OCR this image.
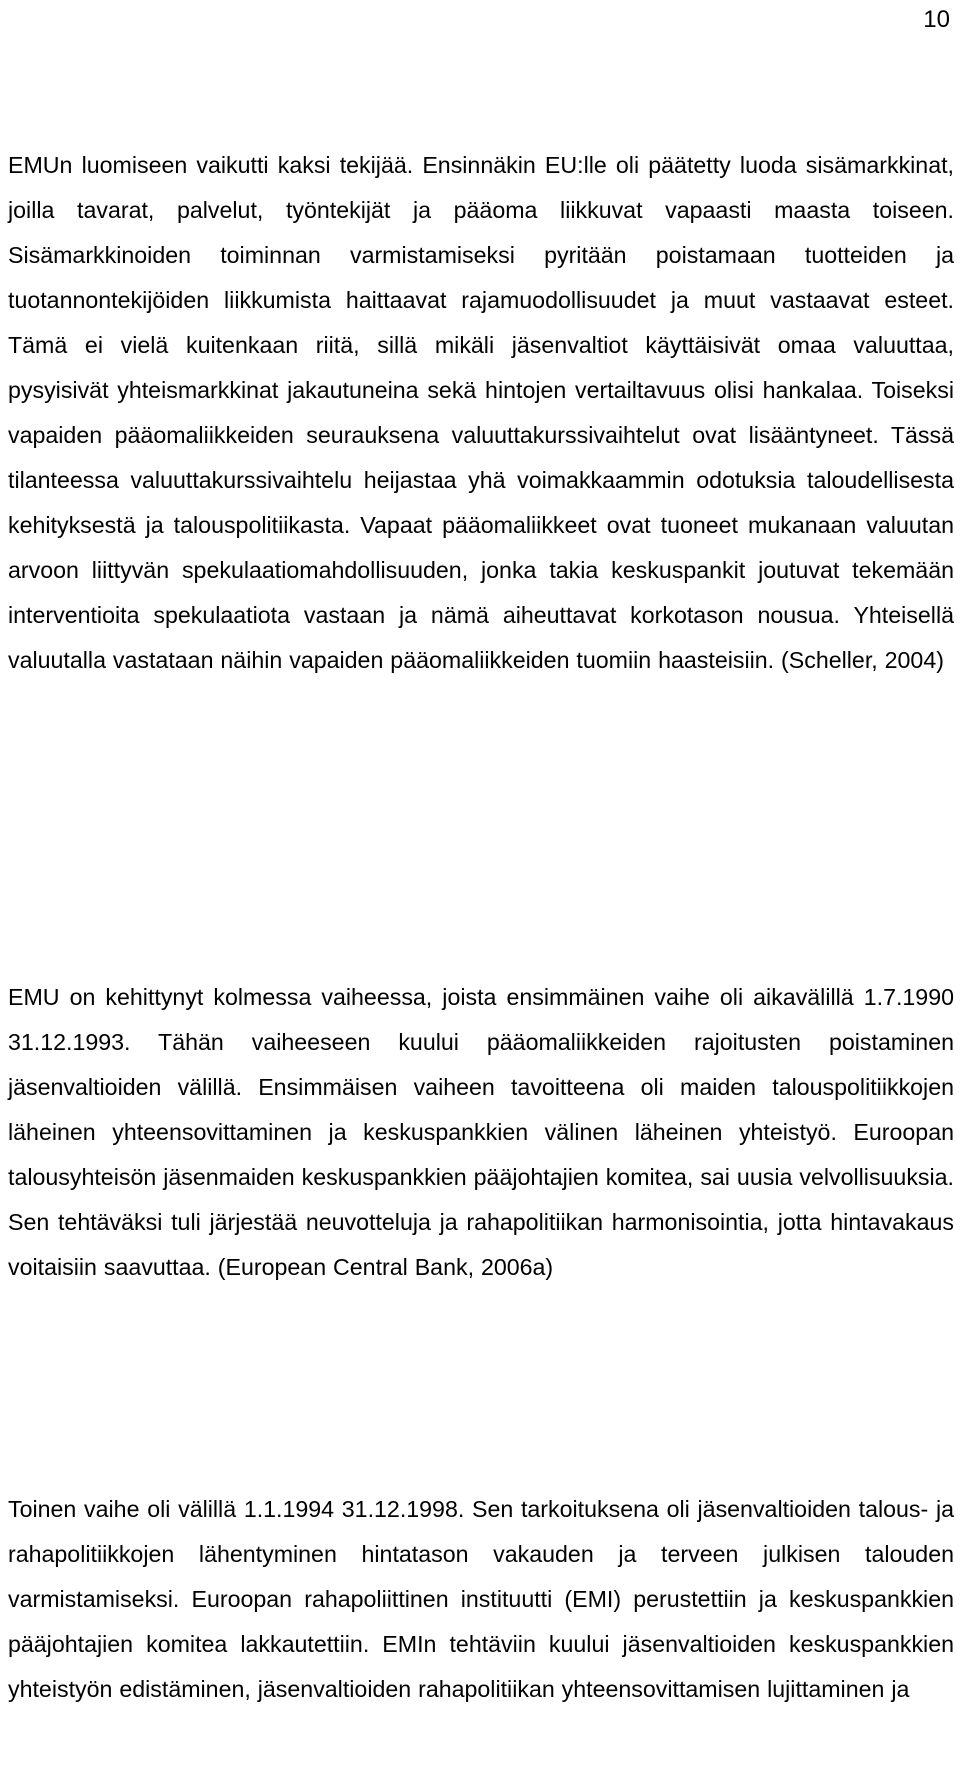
10

EMUn luomiseen vaikutti kaksi tekijää. Ensinnäkin EU:lle oli päätetty luoda sisämarkkinat, joilla tavarat, palvelut, työntekijät ja pääoma liikkuvat vapaasti maasta toiseen. Sisämarkkinoiden toiminnan varmistamiseksi pyritään poistamaan tuotteiden ja tuotannontekijöiden liikkumista haittaavat rajamuodollisuudet ja muut vastaavat esteet. Tämä ei vielä kuitenkaan riitä, sillä mikäli jäsenvaltiot käyttäisivät omaa valuuttaa, pysyisivät yhteismarkkinat jakautuneina sekä hintojen vertailtavuus olisi hankalaa. Toiseksi vapaiden pääomaliikkeiden seurauksena valuuttakurssivaihtelut ovat lisääntyneet. Tässä tilanteessa valuuttakurssivaihtelu heijastaa yhä voimakkaammin odotuksia taloudellisesta kehityksestä ja talouspolitiikasta. Vapaat pääomaliikkeet ovat tuoneet mukanaan valuutan arvoon liittyvän spekulaatiomahdollisuuden, jonka takia keskuspankit joutuvat tekemään interventioita spekulaatiota vastaan ja nämä aiheuttavat korkotason nousua. Yhteisellä valuutalla vastataan näihin vapaiden pääomaliikkeiden tuomiin haasteisiin. (Scheller, 2004)

EMU on kehittynyt kolmessa vaiheessa, joista ensimmäinen vaihe oli aikavälillä 1.7.1990 31.12.1993. Tähän vaiheeseen kuului pääomaliikkeiden rajoitusten poistaminen jäsenvaltioiden välillä. Ensimmäisen vaiheen tavoitteena oli maiden talouspolitiikkojen läheinen yhteensovittaminen ja keskuspankkien välinen läheinen yhteistyö. Euroopan talousyhteisön jäsenmaiden keskuspankkien pääjohtajien komitea, sai uusia velvollisuuksia. Sen tehtäväksi tuli järjestää neuvotteluja ja rahapolitiikan harmonisointia, jotta hintavakaus voitaisiin saavuttaa. (European Central Bank, 2006a)

Toinen vaihe oli välillä 1.1.1994 31.12.1998. Sen tarkoituksena oli jäsenvaltioiden talous- ja rahapolitiikkojen lähentyminen hintatason vakauden ja terveen julkisen talouden varmistamiseksi. Euroopan rahapoliittinen instituutti (EMI) perustettiin ja keskuspankkien pääjohtajien komitea lakkautettiin. EMIn tehtäviin kuului jäsenvaltioiden keskuspankkien yhteistyön edistäminen, jäsenvaltioiden rahapolitiikan yhteensovittamisen lujittaminen ja
